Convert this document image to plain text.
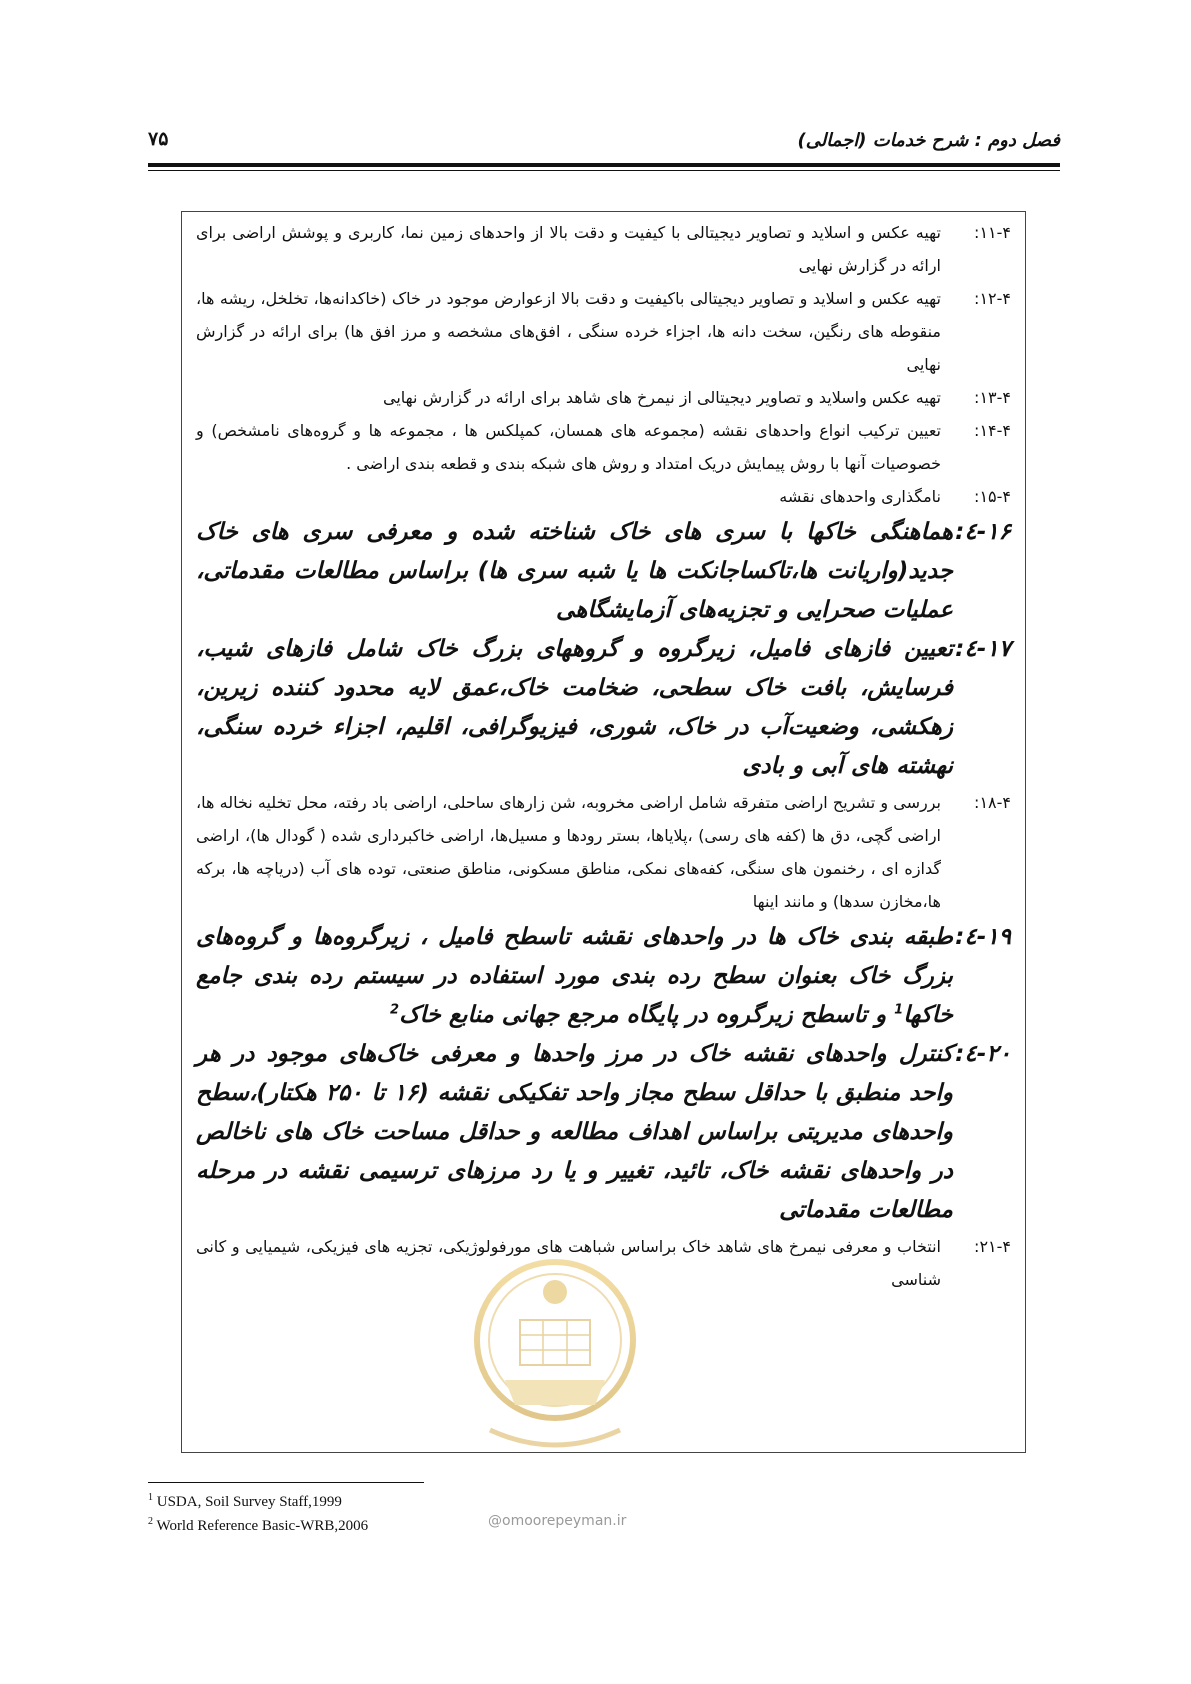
۷۵	فصل دوم : شرح خدمات (اجمالی)
۱۱-۴:
تهیه عکس و اسلاید و تصاویر دیجیتالی با کیفیت و دقت بالا از واحدهای زمین نما، کاربری و پوشش اراضی برای ارائه در گزارش نهایی
۱۲-۴:
تهیه عکس و اسلاید و تصاویر دیجیتالی باکیفیت و دقت بالا ازعوارض موجود در خاک (خاکدانه‌ها، تخلخل، ریشه ها، منقوطه های رنگین، سخت دانه ها، اجزاء خرده سنگی ، افق‌های مشخصه و مرز افق ها) برای ارائه در گزارش نهایی
۱۳-۴:
تهیه عکس واسلاید و تصاویر دیجیتالی از نیمرخ های شاهد برای ارائه در گزارش نهایی
۱۴-۴:
تعیین ترکیب انواع واحدهای نقشه (مجموعه های همسان، کمپلکس ها ، مجموعه ها و گروه‌های نامشخص) و خصوصیات آنها با روش پیمایش دریک امتداد و روش های شبکه بندی و قطعه بندی اراضی .
۱۵-۴:
نامگذاری واحدهای نقشه
۱۶-٤:
هماهنگی خاکها با سری های خاک شناخته شده و معرفی سری های خاک جدید(واریانت ها،تاکساجانکت ها یا شبه سری ها) براساس مطالعات مقدماتی، عملیات صحرایی و تجزیه‌های آزمایشگاهی
۱۷-٤:
تعیین فازهای فامیل، زیرگروه و گروههای بزرگ خاک شامل فازهای شیب، فرسایش، بافت خاک سطحی، ضخامت خاک،عمق لایه محدود کننده زیرین، زهکشی، وضعیت‌آب در خاک، شوری، فیزیوگرافی، اقلیم، اجزاء خرده سنگی، نهشته های آبی و بادی
۱۸-۴:
بررسی و تشریح اراضی متفرقه شامل اراضی مخروبه، شن زارهای ساحلی، اراضی باد رفته، محل تخلیه نخاله ها، اراضی گچی، دق ها (کفه های رسی) ،پلایاها، بستر رودها و مسیل‌ها، اراضی خاکبرداری شده ( گودال ها)، اراضی گدازه ای ، رخنمون های سنگی، کفه‌های نمکی، مناطق مسکونی، مناطق صنعتی، توده های آب (دریاچه ها، برکه ها،مخازن سدها) و مانند اینها
۱۹-٤:
طبقه بندی خاک ها در واحدهای نقشه تاسطح فامیل ، زیرگروه‌ها و گروه‌های بزرگ خاک بعنوان سطح رده بندی مورد استفاده در سیستم رده بندی جامع خاکها$^1$ و تاسطح زیرگروه در پایگاه مرجع جهانی منابع خاک$^2$
۲۰-٤:
کنترل واحدهای نقشه خاک در مرز واحدها و معرفی خاک‌های موجود در هر واحد منطبق با حداقل سطح مجاز واحد تفکیکی نقشه (۱۶ تا ۲۵۰ هکتار)،سطح واحدهای مدیریتی براساس اهداف مطالعه و حداقل مساحت خاک های ناخالص در واحدهای نقشه خاک، تائید، تغییر و یا رد مرزهای ترسیمی نقشه در مرحله مطالعات مقدماتی
۲۱-۴:
انتخاب و معرفی نیمرخ های شاهد خاک براساس شباهت های مورفولوژیکی، تجزیه های فیزیکی، شیمیایی و کانی شناسی
@omoorepeyman.ir
$^1$ USDA, Soil Survey Staff,1999
$^2$ World Reference Basic-WRB,2006
